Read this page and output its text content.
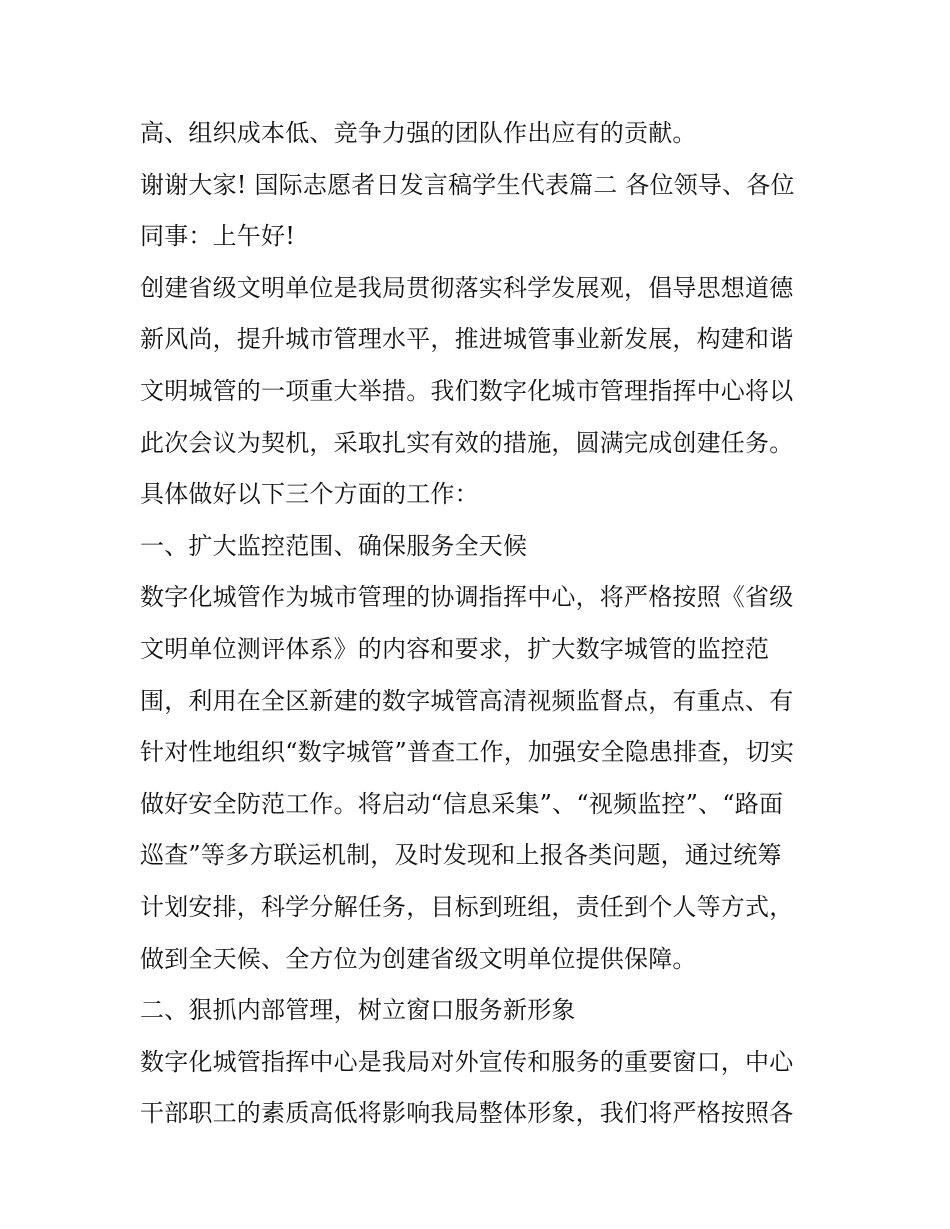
高、组织成本低、竞争力强的团队作出应有的贡献。
谢谢大家! 国际志愿者日发言稿学生代表篇二 各位领导、各位
同事：上午好!
创建省级文明单位是我局贯彻落实科学发展观，倡导思想道德
新风尚，提升城市管理水平，推进城管事业新发展，构建和谐
文明城管的一项重大举措。我们数字化城市管理指挥中心将以
此次会议为契机，采取扎实有效的措施，圆满完成创建任务。
具体做好以下三个方面的工作：
一、扩大监控范围、确保服务全天候
数字化城管作为城市管理的协调指挥中心，将严格按照《省级
文明单位测评体系》的内容和要求，扩大数字城管的监控范
围，利用在全区新建的数字城管高清视频监督点，有重点、有
针对性地组织“数字城管”普查工作，加强安全隐患排查，切实
做好安全防范工作。将启动“信息采集”、“视频监控”、“路面
巡查”等多方联运机制，及时发现和上报各类问题，通过统筹
计划安排，科学分解任务，目标到班组，责任到个人等方式，
做到全天候、全方位为创建省级文明单位提供保障。
二、狠抓内部管理，树立窗口服务新形象
数字化城管指挥中心是我局对外宣传和服务的重要窗口，中心
干部职工的素质高低将影响我局整体形象，我们将严格按照各
